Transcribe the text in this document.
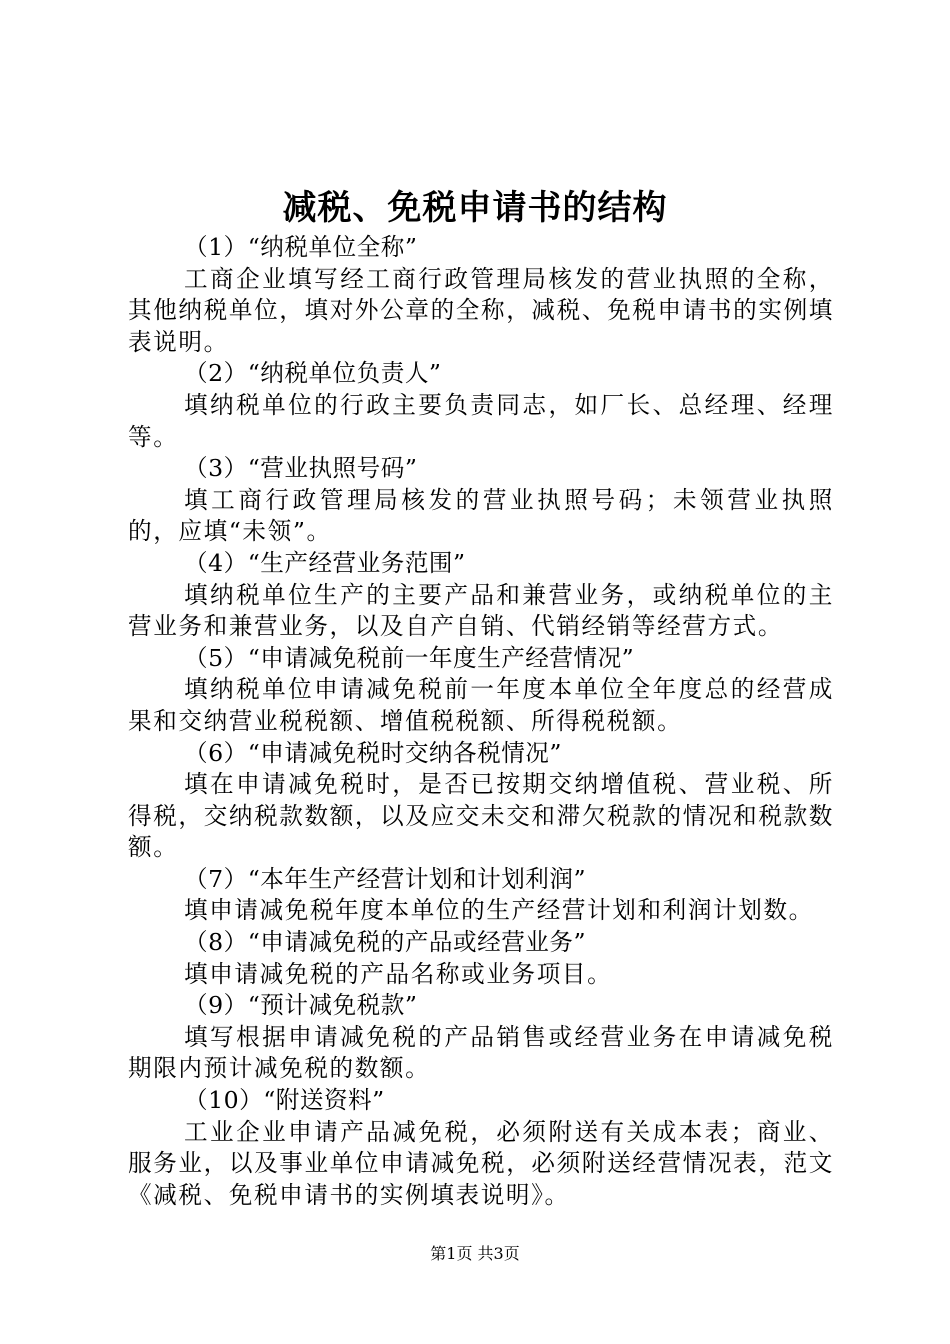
减税、免税申请书的结构

（1）“纳税单位全称”

工商企业填写经工商行政管理局核发的营业执照的全称，其他纳税单位，填对外公章的全称，减税、免税申请书的实例填表说明。

（2）“纳税单位负责人”

填纳税单位的行政主要负责同志，如厂长、总经理、经理等。

（3）“营业执照号码”

填工商行政管理局核发的营业执照号码；未领营业执照的，应填“未领”。

（4）“生产经营业务范围”

填纳税单位生产的主要产品和兼营业务，或纳税单位的主营业务和兼营业务，以及自产自销、代销经销等经营方式。

（5）“申请减免税前一年度生产经营情况”

填纳税单位申请减免税前一年度本单位全年度总的经营成果和交纳营业税税额、增值税税额、所得税税额。

（6）“申请减免税时交纳各税情况”

填在申请减免税时，是否已按期交纳增值税、营业税、所得税，交纳税款数额，以及应交未交和滞欠税款的情况和税款数额。

（7）“本年生产经营计划和计划利润”

填申请减免税年度本单位的生产经营计划和利润计划数。

（8）“申请减免税的产品或经营业务”

填申请减免税的产品名称或业务项目。

（9）“预计减免税款”

填写根据申请减免税的产品销售或经营业务在申请减免税期限内预计减免税的数额。

（10）“附送资料”

工业企业申请产品减免税，必须附送有关成本表；商业、服务业，以及事业单位申请减免税，必须附送经营情况表，范文《减税、免税申请书的实例填表说明》。

第1页 共3页
